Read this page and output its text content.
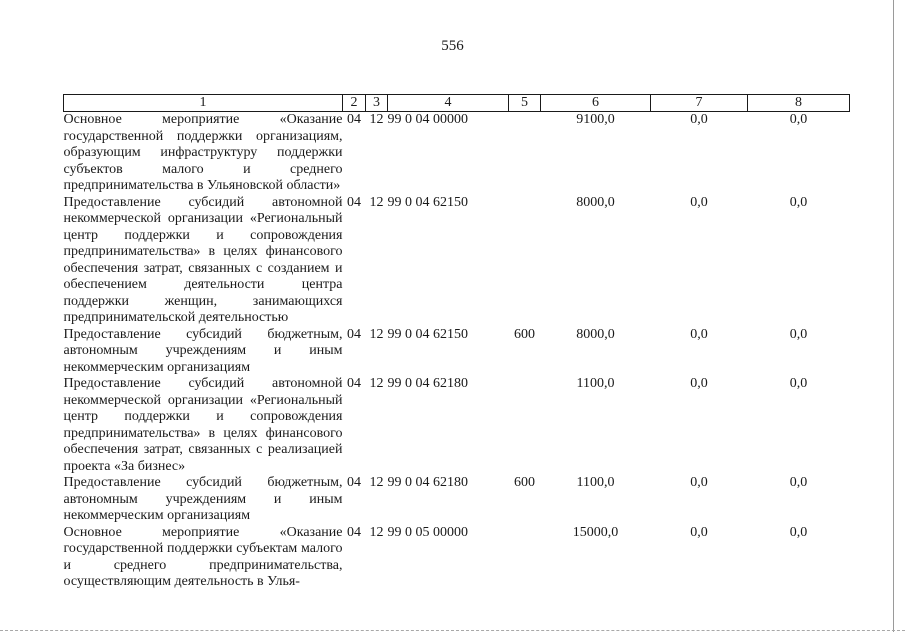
556
1	2	3	4	5	6	7	8
Основное мероприятие «Оказание государственной поддержки организациям, образующим инфраструктуру поддержки субъектов малого и среднего предпринимательства в Ульяновской области»	04	12	99 0 04 00000		9100,0	0,0	0,0
Предоставление субсидий автономной некоммерческой организации «Региональный центр поддержки и сопровождения предпринимательства» в целях финансового обеспечения затрат, связанных с созданием и обеспечением деятельности центра поддержки женщин, занимающихся предпринимательской деятельностью	04	12	99 0 04 62150		8000,0	0,0	0,0
Предоставление субсидий бюджетным, автономным учреждениям и иным некоммерческим организациям	04	12	99 0 04 62150	600	8000,0	0,0	0,0
Предоставление субсидий автономной некоммерческой организации «Региональный центр поддержки и сопровождения предпринимательства» в целях финансового обеспечения затрат, связанных с реализацией проекта «За бизнес»	04	12	99 0 04 62180		1100,0	0,0	0,0
Предоставление субсидий бюджетным, автономным учреждениям и иным некоммерческим организациям	04	12	99 0 04 62180	600	1100,0	0,0	0,0
Основное мероприятие «Оказание государственной поддержки субъектам малого и среднего предпринимательства, осуществляющим деятельность в Улья-	04	12	99 0 05 00000		15000,0	0,0	0,0
